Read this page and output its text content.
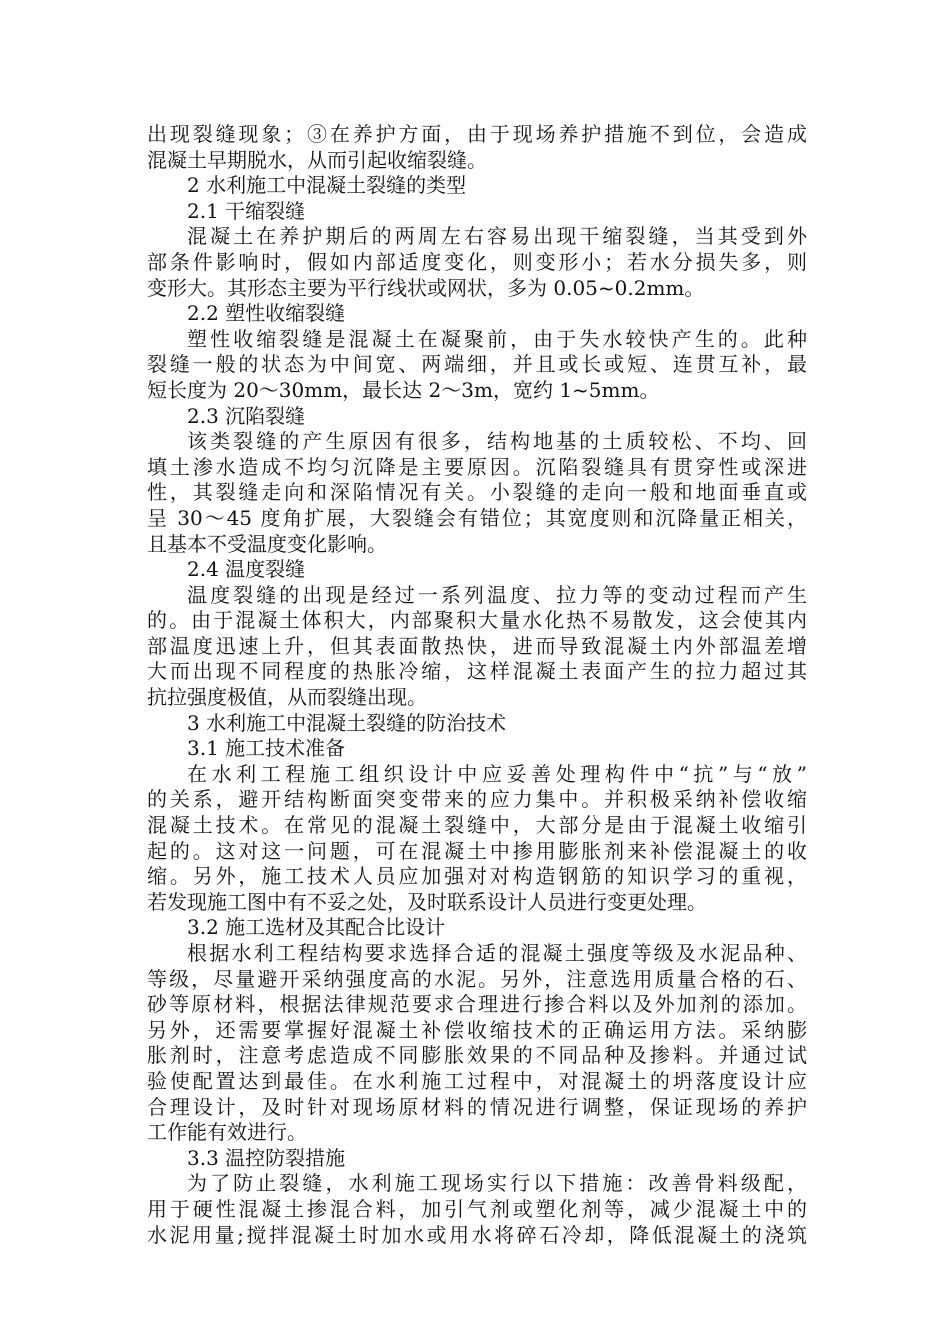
出现裂缝现象；③在养护方面，由于现场养护措施不到位，会造成
混凝土早期脱水，从而引起收缩裂缝。
2 水利施工中混凝土裂缝的类型
2.1 干缩裂缝
混凝土在养护期后的两周左右容易出现干缩裂缝，当其受到外
部条件影响时，假如内部适度变化，则变形小；若水分损失多，则
变形大。其形态主要为平行线状或网状，多为 0.05~0.2mm。
2.2 塑性收缩裂缝
塑性收缩裂缝是混凝土在凝聚前，由于失水较快产生的。此种
裂缝一般的状态为中间宽、两端细，并且或长或短、连贯互补，最
短长度为 20～30mm，最长达 2～3m，宽约 1~5mm。
2.3 沉陷裂缝
该类裂缝的产生原因有很多，结构地基的土质较松、不均、回
填土渗水造成不均匀沉降是主要原因。沉陷裂缝具有贯穿性或深进
性，其裂缝走向和深陷情况有关。小裂缝的走向一般和地面垂直或
呈 30～45 度角扩展，大裂缝会有错位；其宽度则和沉降量正相关，
且基本不受温度变化影响。
2.4 温度裂缝
温度裂缝的出现是经过一系列温度、拉力等的变动过程而产生
的。由于混凝土体积大，内部聚积大量水化热不易散发，这会使其内
部温度迅速上升，但其表面散热快，进而导致混凝土内外部温差增
大而出现不同程度的热胀冷缩，这样混凝土表面产生的拉力超过其
抗拉强度极值，从而裂缝出现。
3 水利施工中混凝土裂缝的防治技术
3.1 施工技术准备
在水利工程施工组织设计中应妥善处理构件中“抗”与“放”
的关系，避开结构断面突变带来的应力集中。并积极采纳补偿收缩
混凝土技术。在常见的混凝土裂缝中，大部分是由于混凝土收缩引
起的。这对这一问题，可在混凝土中掺用膨胀剂来补偿混凝土的收
缩。另外，施工技术人员应加强对对构造钢筋的知识学习的重视，
若发现施工图中有不妥之处，及时联系设计人员进行变更处理。
3.2 施工选材及其配合比设计
根据水利工程结构要求选择合适的混凝土强度等级及水泥品种、
等级，尽量避开采纳强度高的水泥。另外，注意选用质量合格的石、
砂等原材料，根据法律规范要求合理进行掺合料以及外加剂的添加。
另外，还需要掌握好混凝土补偿收缩技术的正确运用方法。采纳膨
胀剂时，注意考虑造成不同膨胀效果的不同品种及掺料。并通过试
验使配置达到最佳。在水利施工过程中，对混凝土的坍落度设计应
合理设计，及时针对现场原材料的情况进行调整，保证现场的养护
工作能有效进行。
3.3 温控防裂措施
为了防止裂缝，水利施工现场实行以下措施：改善骨料级配，
用于硬性混凝土掺混合料，加引气剂或塑化剂等，减少混凝土中的
水泥用量;搅拌混凝土时加水或用水将碎石冷却，降低混凝土的浇筑
